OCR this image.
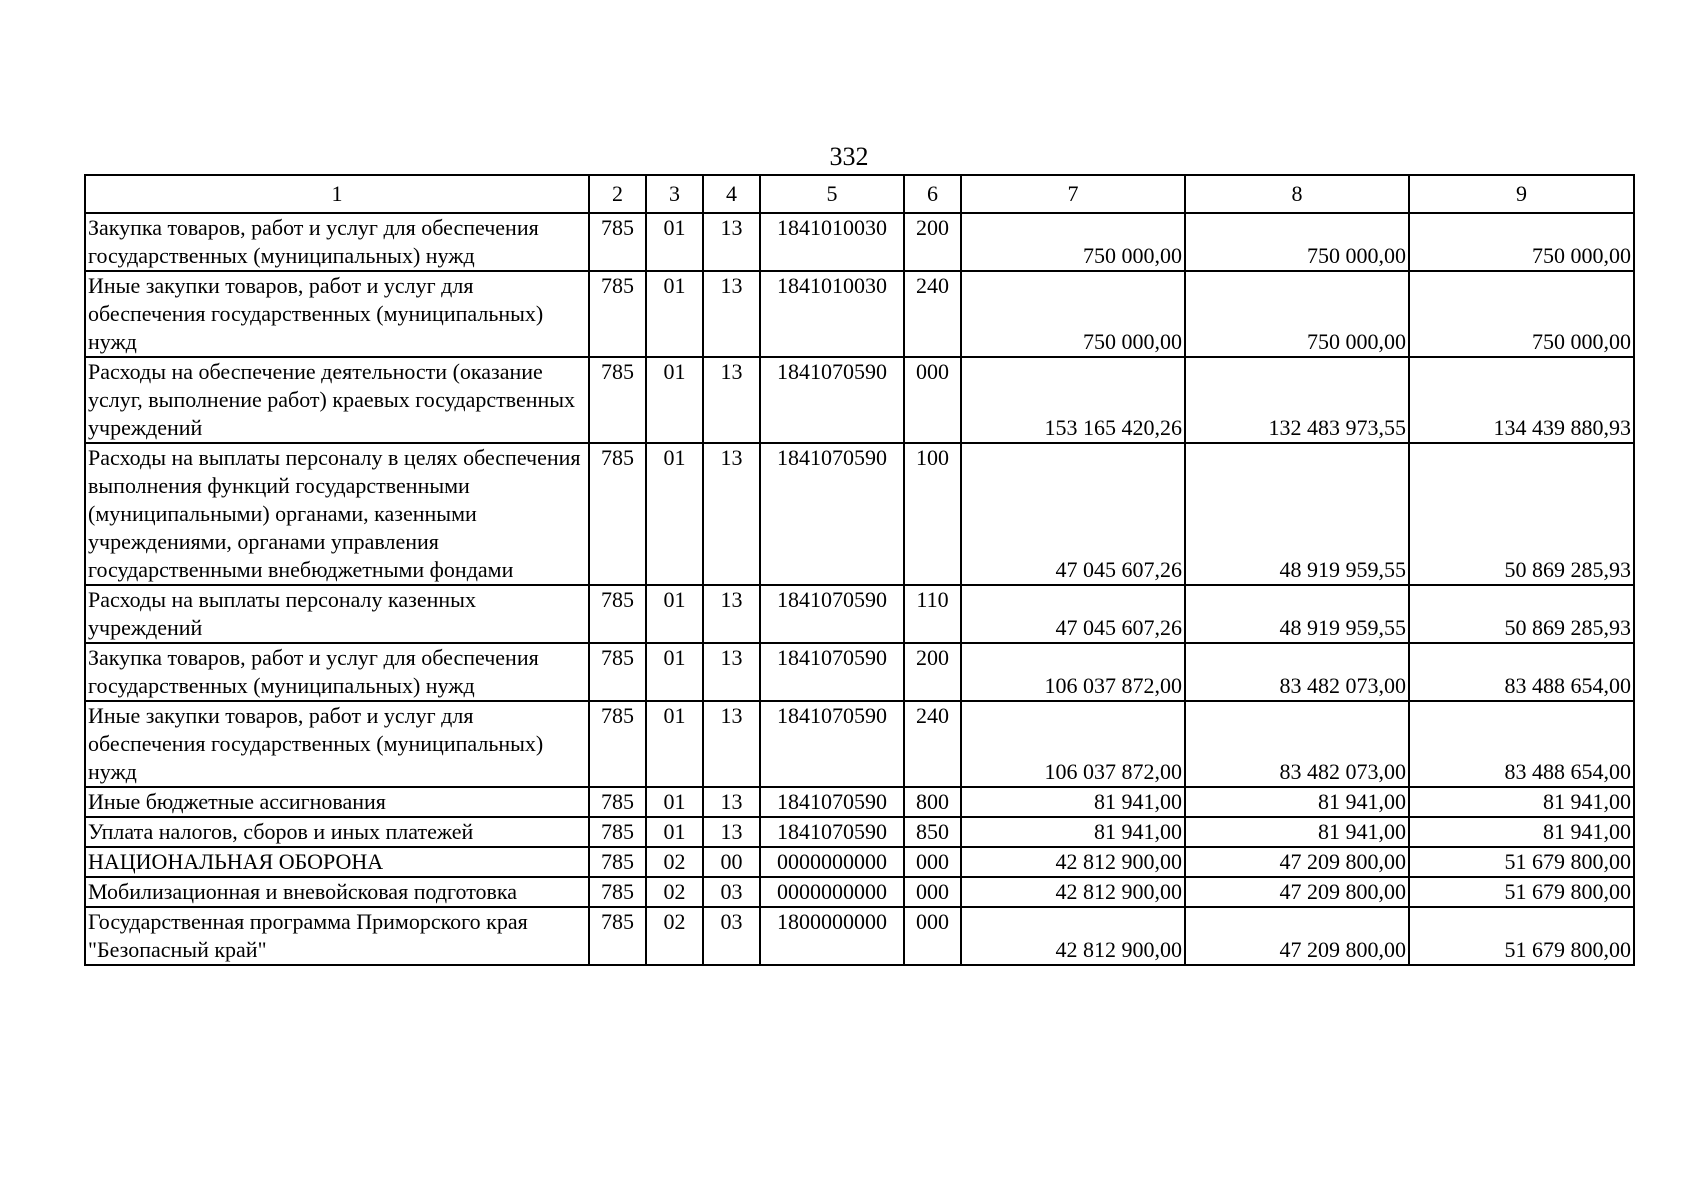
332
1	2	3	4	5	6	7	8	9
Закупка товаров, работ и услуг для обеспечения государственных (муниципальных) нужд	785	01	13	1841010030	200	750 000,00	750 000,00	750 000,00
Иные закупки товаров, работ и услуг для обеспечения государственных (муниципальных) нужд	785	01	13	1841010030	240	750 000,00	750 000,00	750 000,00
Расходы на обеспечение деятельности (оказание услуг, выполнение работ) краевых государственных учреждений	785	01	13	1841070590	000	153 165 420,26	132 483 973,55	134 439 880,93
Расходы на выплаты персоналу в целях обеспечения выполнения функций государственными (муниципальными) органами, казенными учреждениями, органами управления государственными внебюджетными фондами	785	01	13	1841070590	100	47 045 607,26	48 919 959,55	50 869 285,93
Расходы на выплаты персоналу казенных учреждений	785	01	13	1841070590	110	47 045 607,26	48 919 959,55	50 869 285,93
Закупка товаров, работ и услуг для обеспечения государственных (муниципальных) нужд	785	01	13	1841070590	200	106 037 872,00	83 482 073,00	83 488 654,00
Иные закупки товаров, работ и услуг для обеспечения государственных (муниципальных) нужд	785	01	13	1841070590	240	106 037 872,00	83 482 073,00	83 488 654,00
Иные бюджетные ассигнования	785	01	13	1841070590	800	81 941,00	81 941,00	81 941,00
Уплата налогов, сборов и иных платежей	785	01	13	1841070590	850	81 941,00	81 941,00	81 941,00
НАЦИОНАЛЬНАЯ ОБОРОНА	785	02	00	0000000000	000	42 812 900,00	47 209 800,00	51 679 800,00
Мобилизационная и вневойсковая подготовка	785	02	03	0000000000	000	42 812 900,00	47 209 800,00	51 679 800,00
Государственная программа Приморского края "Безопасный край"	785	02	03	1800000000	000	42 812 900,00	47 209 800,00	51 679 800,00
